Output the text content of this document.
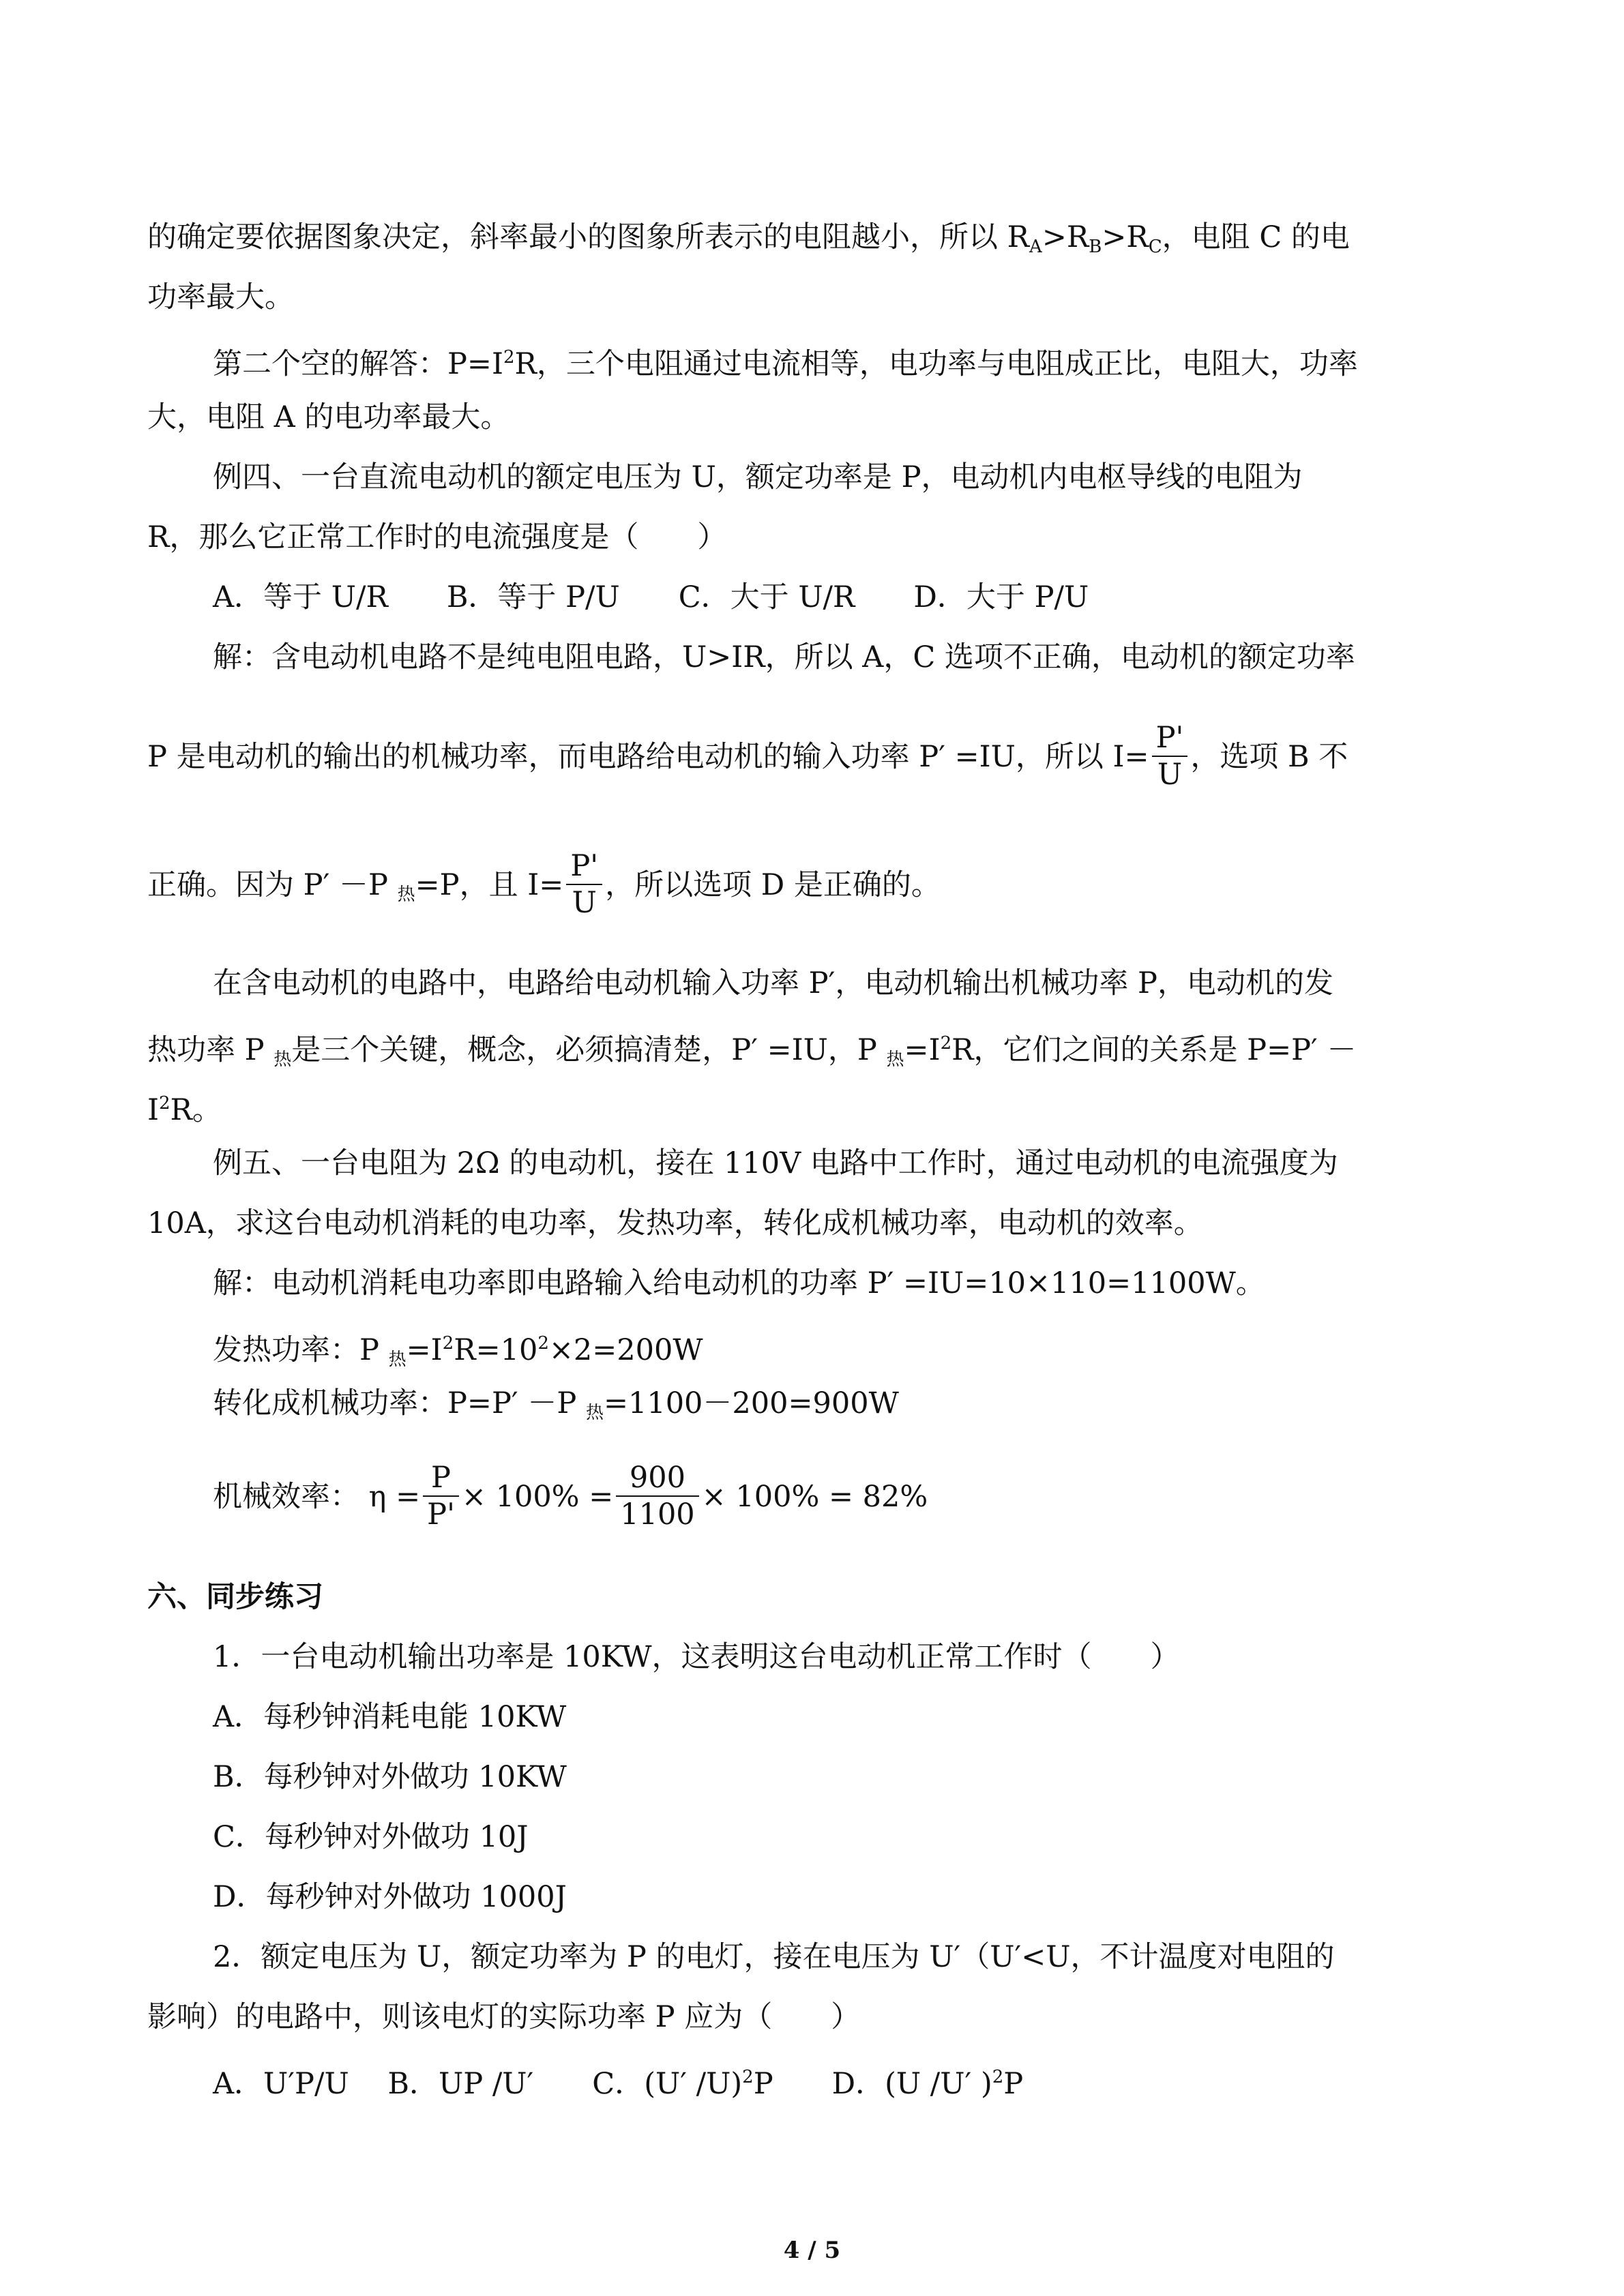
的确定要依据图象决定，斜率最小的图象所表示的电阻越小，所以 $R_A>R_B>R_C$，电阻 C 的电
功率最大。
第二个空的解答：$P=I^2R$，三个电阻通过电流相等，电功率与电阻成正比，电阻大，功率
大，电阻 A 的电功率最大。
例四、一台直流电动机的额定电压为 U，额定功率是 P，电动机内电枢导线的电阻为
R，那么它正常工作时的电流强度是（　　）
A．等于 U/R　　B．等于 P/U　　C．大于 U/R　　D．大于 P/U
解：含电动机电路不是纯电阻电路，U>IR，所以 A，C 选项不正确，电动机的额定功率
P 是电动机的输出的机械功率，而电路给电动机的输入功率 P′ =IU，所以 $I= \frac{P'}{U}$ ，选项 B 不
正确。因为 P′ －P $_热$=P，且 $I= \frac{P'}{U}$ ，所以选项 D 是正确的。
在含电动机的电路中，电路给电动机输入功率 P′，电动机输出机械功率 P，电动机的发
热功率 P $_热$是三个关键，概念，必须搞清楚，P′ =IU，P $_热=I^2R$，它们之间的关系是 P=P′ －
$I^2R$。
例五、一台电阻为 2Ω 的电动机，接在 110V 电路中工作时，通过电动机的电流强度为
10A，求这台电动机消耗的电功率，发热功率，转化成机械功率，电动机的效率。
解：电动机消耗电功率即电路输入给电动机的功率 P′ =IU=10×110=1100W。
发热功率：P $_热=I^2R=10^2\times 2=200W$
转化成机械功率：P=P′ －P $_热$=1100－200=900W
机械效率： $\eta = \frac{P}{P'} \times 100\% = \frac{900}{1100} \times 100\% = 82\%$
六、同步练习
1．一台电动机输出功率是 10KW，这表明这台电动机正常工作时（　　）
A．每秒钟消耗电能 10KW
B．每秒钟对外做功 10KW
C．每秒钟对外做功 10J
D．每秒钟对外做功 1000J
2．额定电压为 U，额定功率为 P 的电灯，接在电压为 U′（U′<U，不计温度对电阻的
影响）的电路中，则该电灯的实际功率 P 应为（　　）
A．U′P/U　 B．UP /U′　　C．(U′ /U)$^2$P　　D．(U /U′ )$^2$P
4 / 5
